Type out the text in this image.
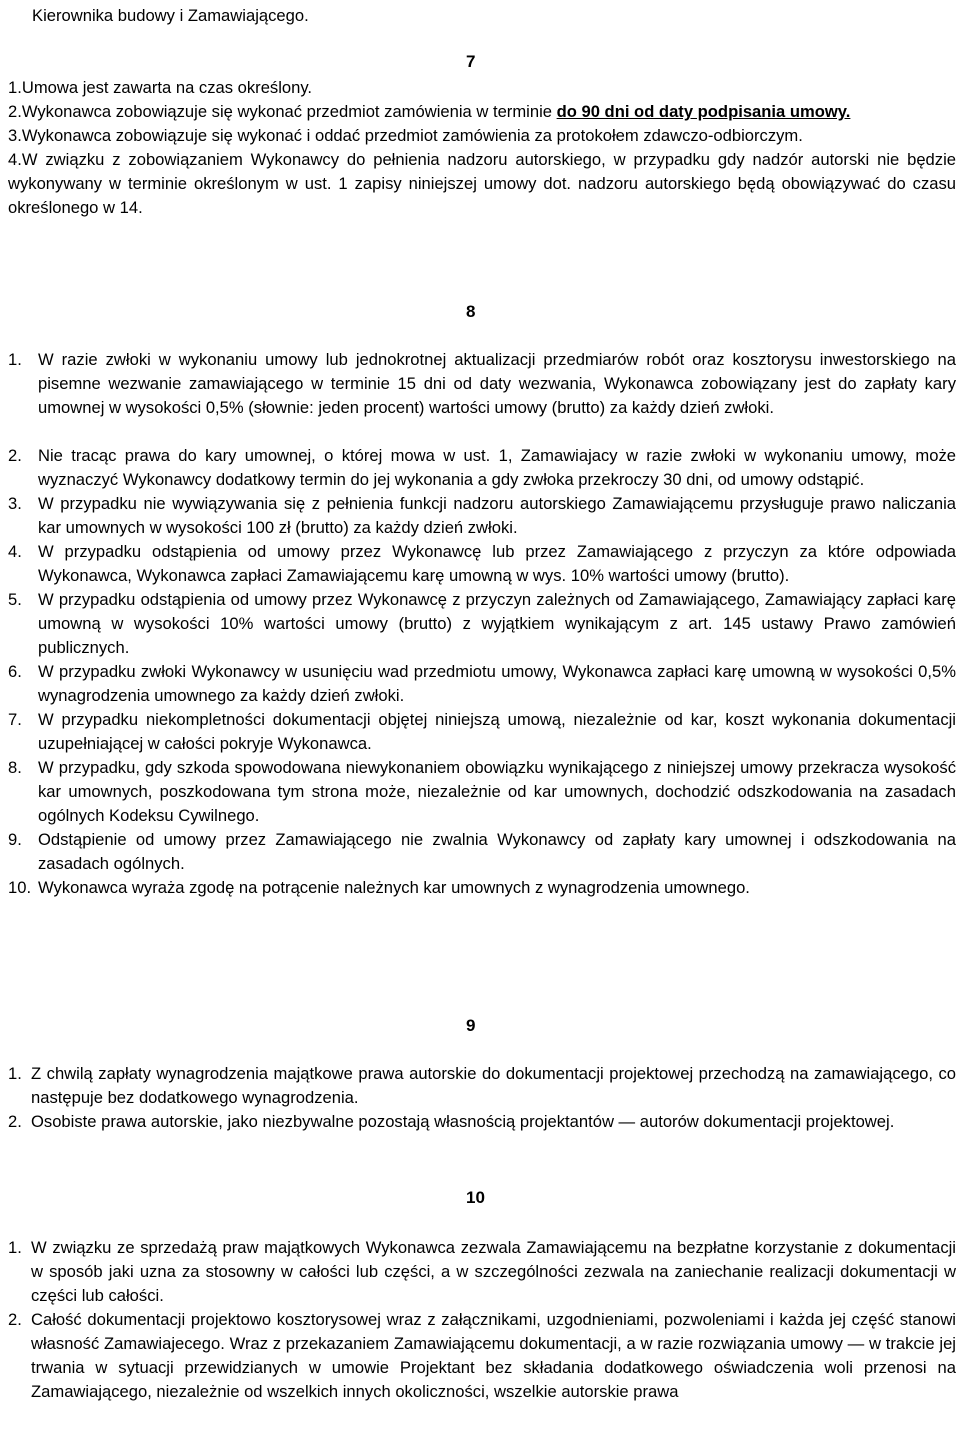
Kierownika budowy i Zamawiającego.
7

1.Umowa jest zawarta na czas określony.

2.Wykonawca zobowiązuje się wykonać przedmiot zamówienia w terminie do 90 dni od daty podpisania umowy.

3.Wykonawca zobowiązuje się wykonać i oddać przedmiot zamówienia za protokołem zdawczo-odbiorczym.

4.W związku z zobowiązaniem Wykonawcy do pełnienia nadzoru autorskiego, w przypadku gdy nadzór autorski nie będzie wykonywany w terminie określonym w ust. 1 zapisy niniejszej umowy dot. nadzoru autorskiego będą obowiązywać do czasu określonego w 14.

8
1. W razie zwłoki w wykonaniu umowy lub jednokrotnej aktualizacji przedmiarów robót oraz kosztorysu inwestorskiego na pisemne wezwanie zamawiającego w terminie 15 dni od daty wezwania, Wykonawca zobowiązany jest do zapłaty kary umownej w wysokości 0,5% (słownie: jeden procent) wartości umowy (brutto) za każdy dzień zwłoki.
2. Nie tracąc prawa do kary umownej, o której mowa w ust. 1, Zamawiajacy w razie zwłoki w wykonaniu umowy, może wyznaczyć Wykonawcy dodatkowy termin do jej wykonania a gdy zwłoka przekroczy 30 dni, od umowy odstąpić.
3. W przypadku nie wywiązywania się z pełnienia funkcji nadzoru autorskiego Zamawiającemu przysługuje prawo naliczania kar umownych w wysokości 100 zł (brutto) za każdy dzień zwłoki.
4. W przypadku odstąpienia od umowy przez Wykonawcę lub przez Zamawiającego z przyczyn za które odpowiada Wykonawca, Wykonawca zapłaci Zamawiającemu karę umowną w wys. 10% wartości umowy (brutto).
5. W przypadku odstąpienia od umowy przez Wykonawcę z przyczyn zależnych od Zamawiającego, Zamawiający zapłaci karę umowną w wysokości 10% wartości umowy (brutto) z wyjątkiem wynikającym z art. 145 ustawy Prawo zamówień publicznych.
6. W przypadku zwłoki Wykonawcy w usunięciu wad przedmiotu umowy, Wykonawca zapłaci karę umowną w wysokości 0,5% wynagrodzenia umownego za każdy dzień zwłoki.
7. W przypadku niekompletności dokumentacji objętej niniejszą umową, niezależnie od kar, koszt wykonania dokumentacji uzupełniającej w całości pokryje Wykonawca.
8. W przypadku, gdy szkoda spowodowana niewykonaniem obowiązku wynikającego z niniejszej umowy przekracza wysokość kar umownych, poszkodowana tym strona może, niezależnie od kar umownych, dochodzić odszkodowania na zasadach ogólnych Kodeksu Cywilnego.
9. Odstąpienie od umowy przez Zamawiającego nie zwalnia Wykonawcy od zapłaty kary umownej i odszkodowania na zasadach ogólnych.
10. Wykonawca wyraża zgodę na potrącenie należnych kar umownych z wynagrodzenia umownego.
9
1. Z chwilą zapłaty wynagrodzenia majątkowe prawa autorskie do dokumentacji projektowej przechodzą na zamawiającego, co następuje bez dodatkowego wynagrodzenia.
2. Osobiste prawa autorskie, jako niezbywalne pozostają własnością projektantów — autorów dokumentacji projektowej.
10
1. W związku ze sprzedażą praw majątkowych Wykonawca zezwala Zamawiającemu na bezpłatne korzystanie z dokumentacji w sposób jaki uzna za stosowny w całości lub części, a w szczególności zezwala na zaniechanie realizacji dokumentacji w części lub całości.
2. Całość dokumentacji projektowo kosztorysowej wraz z załącznikami, uzgodnieniami, pozwoleniami i każda jej część stanowi własność Zamawiajecego. Wraz z przekazaniem Zamawiającemu dokumentacji, a w razie rozwiązania umowy — w trakcie jej trwania w sytuacji przewidzianych w umowie Projektant bez składania dodatkowego oświadczenia woli przenosi na Zamawiającego, niezależnie od wszelkich innych okoliczności, wszelkie autorskie prawa
